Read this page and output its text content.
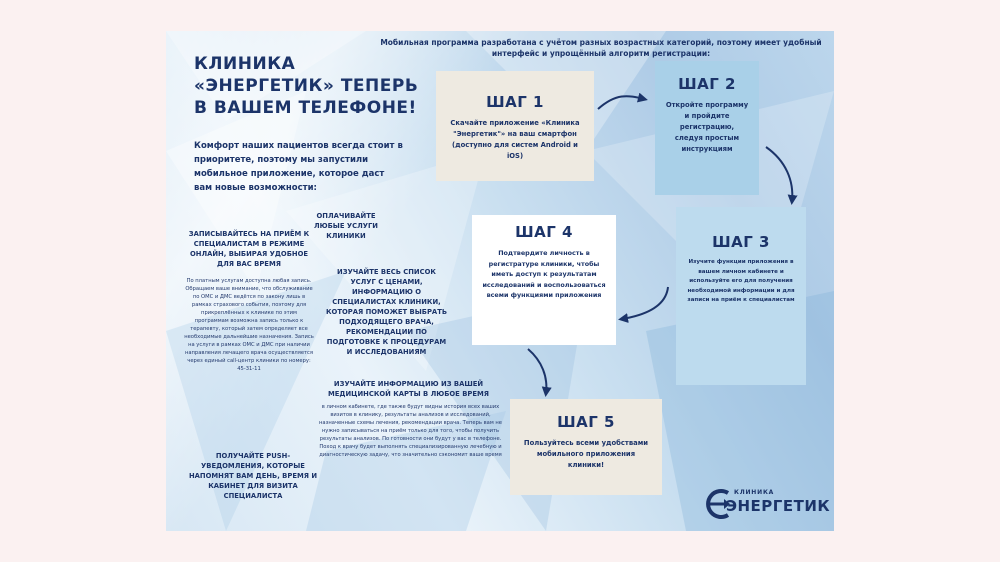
КЛИНИКА «ЭНЕРГЕТИК» ТЕПЕРЬ В ВАШЕМ ТЕЛЕФОНЕ!
Комфорт наших пациентов всегда стоит в приоритете, поэтому мы запустили мобильное приложение, которое даст вам новые возможности:
Мобильная программа разработана с учётом разных возрастных категорий, поэтому имеет удобный интерфейс и упрощённый алгоритм регистрации:
ЗАПИСЫВАЙТЕСЬ НА ПРИЁМ К СПЕЦИАЛИСТАМ В РЕЖИМЕ ОНЛАЙН, ВЫБИРАЯ УДОБНОЕ ДЛЯ ВАС ВРЕМЯ
По платным услугам доступна любая запись. Обращаем ваше внимание, что обслуживание по ОМС и ДМС ведётся по закону лишь в рамках страхового события, поэтому для прикреплённых к клинике по этим программам возможна запись только к терапевту, который затем определяет все необходимые дальнейшие назначения. Запись на услуги в рамках ОМС и ДМС при наличии направления лечащего врача осуществляется через единый call-центр клиники по номеру: 45-31-11
ОПЛАЧИВАЙТЕ ЛЮБЫЕ УСЛУГИ КЛИНИКИ
ИЗУЧАЙТЕ ВЕСЬ СПИСОК УСЛУГ С ЦЕНАМИ, ИНФОРМАЦИЮ О СПЕЦИАЛИСТАХ КЛИНИКИ, КОТОРАЯ ПОМОЖЕТ ВЫБРАТЬ ПОДХОДЯЩЕГО ВРАЧА, РЕКОМЕНДАЦИИ ПО ПОДГОТОВКЕ К ПРОЦЕДУРАМ И ИССЛЕДОВАНИЯМ
ИЗУЧАЙТЕ ИНФОРМАЦИЮ ИЗ ВАШЕЙ МЕДИЦИНСКОЙ КАРТЫ В ЛЮБОЕ ВРЕМЯ
в личном кабинете, где также будут видны история всех ваших визитов в клинику, результаты анализов и исследований, назначенные схемы лечения, рекомендации врача. Теперь вам не нужно записываться на приём только для того, чтобы получить результаты анализов. По готовности они будут у вас в телефоне. Поход к врачу будет выполнять специализированную лечебную и диагностическую задачу, что значительно сэкономит ваше время
ПОЛУЧАЙТЕ PUSH-УВЕДОМЛЕНИЯ, КОТОРЫЕ НАПОМНЯТ ВАМ ДЕНЬ, ВРЕМЯ И КАБИНЕТ ДЛЯ ВИЗИТА СПЕЦИАЛИСТА
ШАГ 1

Скачайте приложение «Клиника "Энергетик"» на ваш смартфон (доступно для систем Android и iOS)

ШАГ 2

Откройте программу и пройдите регистрацию, следуя простым инструкциям

ШАГ 3

Изучите функции приложения в вашем личном кабинете и используйте его для получения необходимой информации и для записи на приём к специалистам

ШАГ 4

Подтвердите личность в регистратуре клиники, чтобы иметь доступ к результатам исследований и воспользоваться всеми функциями приложения

ШАГ 5

Пользуйтесь всеми удобствами мобильного приложения клиники!

КЛИНИКА
ЭНЕРГЕТИК
